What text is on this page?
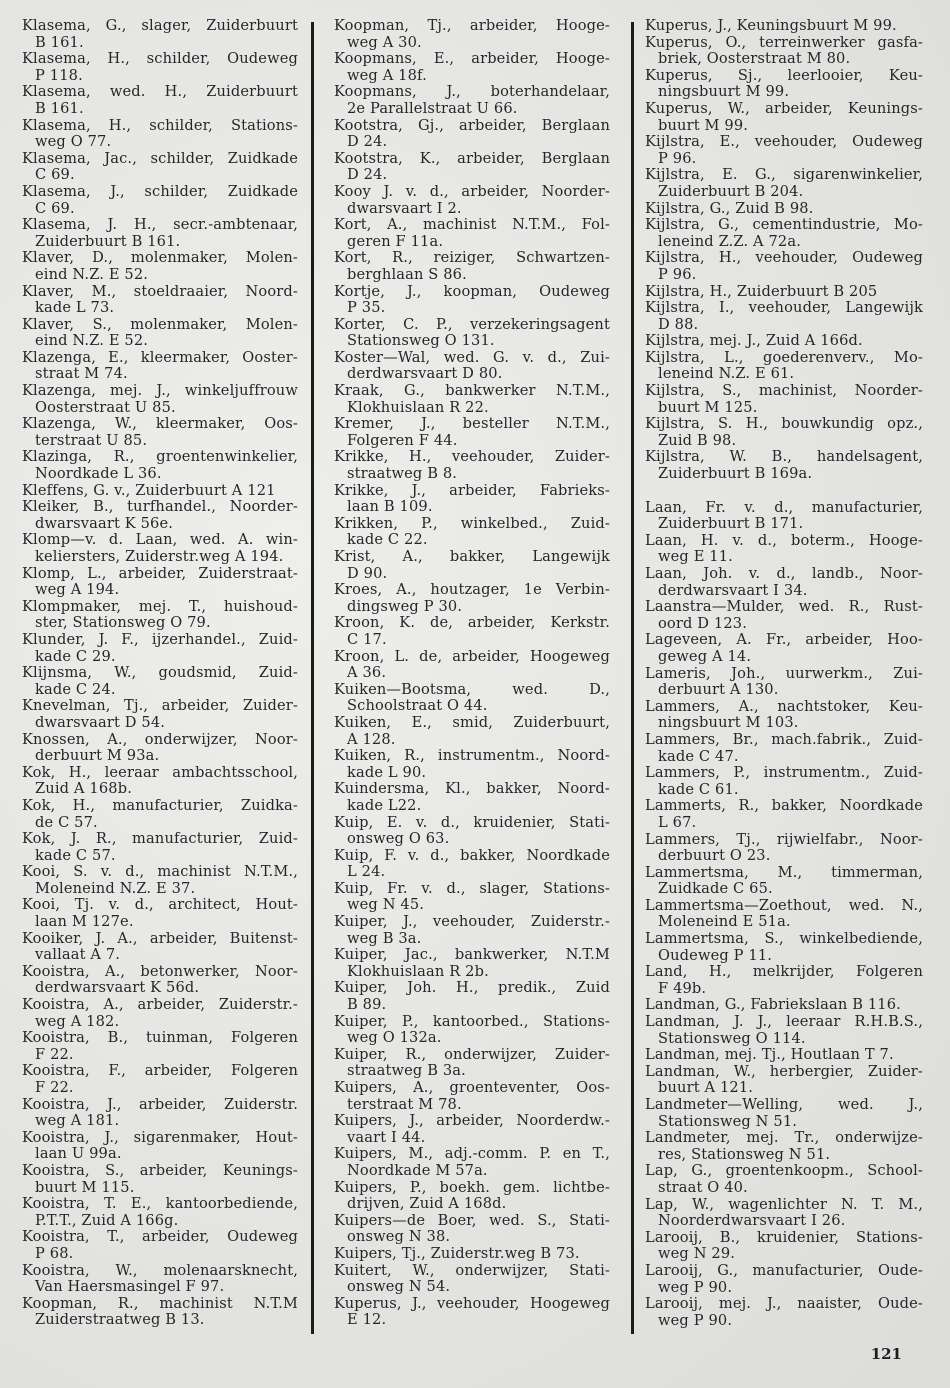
Klasema, G., slager, Zuiderbuurt
B 161.
Klasema, H., schilder, Oudeweg
P 118.
Klasema, wed. H., Zuiderbuurt
B 161.
Klasema, H., schilder, Stations-
weg O 77.
Klasema, Jac., schilder, Zuidkade
C 69.
Klasema, J., schilder, Zuidkade
C 69.
Klasema, J. H., secr.-ambtenaar,
Zuiderbuurt B 161.
Klaver, D., molenmaker, Molen-
eind N.Z. E 52.
Klaver, M., stoeldraaier, Noord-
kade L 73.
Klaver, S., molenmaker, Molen-
eind N.Z. E 52.
Klazenga, E., kleermaker, Ooster-
straat M 74.
Klazenga, mej. J., winkeljuffrouw
Oosterstraat U 85.
Klazenga, W., kleermaker, Oos-
terstraat U 85.
Klazinga, R., groentenwinkelier,
Noordkade L 36.
Kleffens, G. v., Zuiderbuurt A 121
Kleiker, B., turfhandel., Noorder-
dwarsvaart K 56e.
Klomp—v. d. Laan, wed. A. win-
keliersters, Zuiderstr.weg A 194.
Klomp, L., arbeider, Zuiderstraat-
weg A 194.
Klompmaker, mej. T., huishoud-
ster, Stationsweg O 79.
Klunder, J. F., ijzerhandel., Zuid-
kade C 29.
Klijnsma, W., goudsmid, Zuid-
kade C 24.
Knevelman, Tj., arbeider, Zuider-
dwarsvaart D 54.
Knossen, A., onderwijzer, Noor-
derbuurt M 93a.
Kok, H., leeraar ambachtsschool,
Zuid A 168b.
Kok, H., manufacturier, Zuidka-
de C 57.
Kok, J. R., manufacturier, Zuid-
kade C 57.
Kooi, S. v. d., machinist N.T.M.,
Moleneind N.Z. E 37.
Kooi, Tj. v. d., architect, Hout-
laan M 127e.
Kooiker, J. A., arbeider, Buitenst-
vallaat A 7.
Kooistra, A., betonwerker, Noor-
derdwarsvaart K 56d.
Kooistra, A., arbeider, Zuiderstr.-
weg A 182.
Kooistra, B., tuinman, Folgeren
F 22.
Kooistra, F., arbeider, Folgeren
F 22.
Kooistra, J., arbeider, Zuiderstr.
weg A 181.
Kooistra, J., sigarenmaker, Hout-
laan U 99a.
Kooistra, S., arbeider, Keunings-
buurt M 115.
Kooistra, T. E., kantoorbediende,
P.T.T., Zuid A 166g.
Kooistra, T., arbeider, Oudeweg
P 68.
Kooistra, W., molenaarsknecht,
Van Haersmasingel F 97.
Koopman, R., machinist N.T.M
Zuiderstraatweg B 13.
Koopman, Tj., arbeider, Hooge-
weg A 30.
Koopmans, E., arbeider, Hooge-
weg A 18f.
Koopmans, J., boterhandelaar,
2e Parallelstraat U 66.
Kootstra, Gj., arbeider, Berglaan
D 24.
Kootstra, K., arbeider, Berglaan
D 24.
Kooy J. v. d., arbeider, Noorder-
dwarsvaart I 2.
Kort, A., machinist N.T.M., Fol-
geren F 11a.
Kort, R., reiziger, Schwartzen-
berghlaan S 86.
Kortje, J., koopman, Oudeweg
P 35.
Korter, C. P., verzekeringsagent
Stationsweg O 131.
Koster—Wal, wed. G. v. d., Zui-
derdwarsvaart D 80.
Kraak, G., bankwerker N.T.M.,
Klokhuislaan R 22.
Kremer, J., besteller N.T.M.,
Folgeren F 44.
Krikke, H., veehouder, Zuider-
straatweg B 8.
Krikke, J., arbeider, Fabrieks-
laan B 109.
Krikken, P., winkelbed., Zuid-
kade C 22.
Krist, A., bakker, Langewijk
D 90.
Kroes, A., houtzager, 1e Verbin-
dingsweg P 30.
Kroon, K. de, arbeider, Kerkstr.
C 17.
Kroon, L. de, arbeider, Hoogeweg
A 36.
Kuiken—Bootsma, wed. D.,
Schoolstraat O 44.
Kuiken, E., smid, Zuiderbuurt,
A 128.
Kuiken, R., instrumentm., Noord-
kade L 90.
Kuindersma, Kl., bakker, Noord-
kade L22.
Kuip, E. v. d., kruidenier, Stati-
onsweg O 63.
Kuip, F. v. d., bakker, Noordkade
L 24.
Kuip, Fr. v. d., slager, Stations-
weg N 45.
Kuiper, J., veehouder, Zuiderstr.-
weg B 3a.
Kuiper, Jac., bankwerker, N.T.M
Klokhuislaan R 2b.
Kuiper, Joh. H., predik., Zuid
B 89.
Kuiper, P., kantoorbed., Stations-
weg O 132a.
Kuiper, R., onderwijzer, Zuider-
straatweg B 3a.
Kuipers, A., groenteventer, Oos-
terstraat M 78.
Kuipers, J., arbeider, Noorderdw.-
vaart I 44.
Kuipers, M., adj.-comm. P. en T.,
Noordkade M 57a.
Kuipers, P., boekh. gem. lichtbe-
drijven, Zuid A 168d.
Kuipers—de Boer, wed. S., Stati-
onsweg N 38.
Kuipers, Tj., Zuiderstr.weg B 73.
Kuitert, W., onderwijzer, Stati-
onsweg N 54.
Kuperus, J., veehouder, Hoogeweg
E 12.
Kuperus, J., Keuningsbuurt M 99.
Kuperus, O., terreinwerker gasfa-
briek, Oosterstraat M 80.
Kuperus, Sj., leerlooier, Keu-
ningsbuurt M 99.
Kuperus, W., arbeider, Keunings-
buurt M 99.
Kijlstra, E., veehouder, Oudeweg
P 96.
Kijlstra, E. G., sigarenwinkelier,
Zuiderbuurt B 204.
Kijlstra, G., Zuid B 98.
Kijlstra, G., cementindustrie, Mo-
leneind Z.Z. A 72a.
Kijlstra, H., veehouder, Oudeweg
P 96.
Kijlstra, H., Zuiderbuurt B 205
Kijlstra, I., veehouder, Langewijk
D 88.
Kijlstra, mej. J., Zuid A 166d.
Kijlstra, L., goederenverv., Mo-
leneind N.Z. E 61.
Kijlstra, S., machinist, Noorder-
buurt M 125.
Kijlstra, S. H., bouwkundig opz.,
Zuid B 98.
Kijlstra, W. B., handelsagent,
Zuiderbuurt B 169a.
Laan, Fr. v. d., manufacturier,
Zuiderbuurt B 171.
Laan, H. v. d., boterm., Hooge-
weg E 11.
Laan, Joh. v. d., landb., Noor-
derdwarsvaart I 34.
Laanstra—Mulder, wed. R., Rust-
oord D 123.
Lageveen, A. Fr., arbeider, Hoo-
geweg A 14.
Lameris, Joh., uurwerkm., Zui-
derbuurt A 130.
Lammers, A., nachtstoker, Keu-
ningsbuurt M 103.
Lammers, Br., mach.fabrik., Zuid-
kade C 47.
Lammers, P., instrumentm., Zuid-
kade C 61.
Lammerts, R., bakker, Noordkade
L 67.
Lammers, Tj., rijwielfabr., Noor-
derbuurt O 23.
Lammertsma, M., timmerman,
Zuidkade C 65.
Lammertsma—Zoethout, wed. N.,
Moleneind E 51a.
Lammertsma, S., winkelbediende,
Oudeweg P 11.
Land, H., melkrijder, Folgeren
F 49b.
Landman, G., Fabriekslaan B 116.
Landman, J. J., leeraar R.H.B.S.,
Stationsweg O 114.
Landman, mej. Tj., Houtlaan T 7.
Landman, W., herbergier, Zuider-
buurt A 121.
Landmeter—Welling, wed. J.,
Stationsweg N 51.
Landmeter, mej. Tr., onderwijze-
res, Stationsweg N 51.
Lap, G., groentenkoopm., School-
straat O 40.
Lap, W., wagenlichter N. T. M.,
Noorderdwarsvaart I 26.
Larooij, B., kruidenier, Stations-
weg N 29.
Larooij, G., manufacturier, Oude-
weg P 90.
Larooij, mej. J., naaister, Oude-
weg P 90.
121
